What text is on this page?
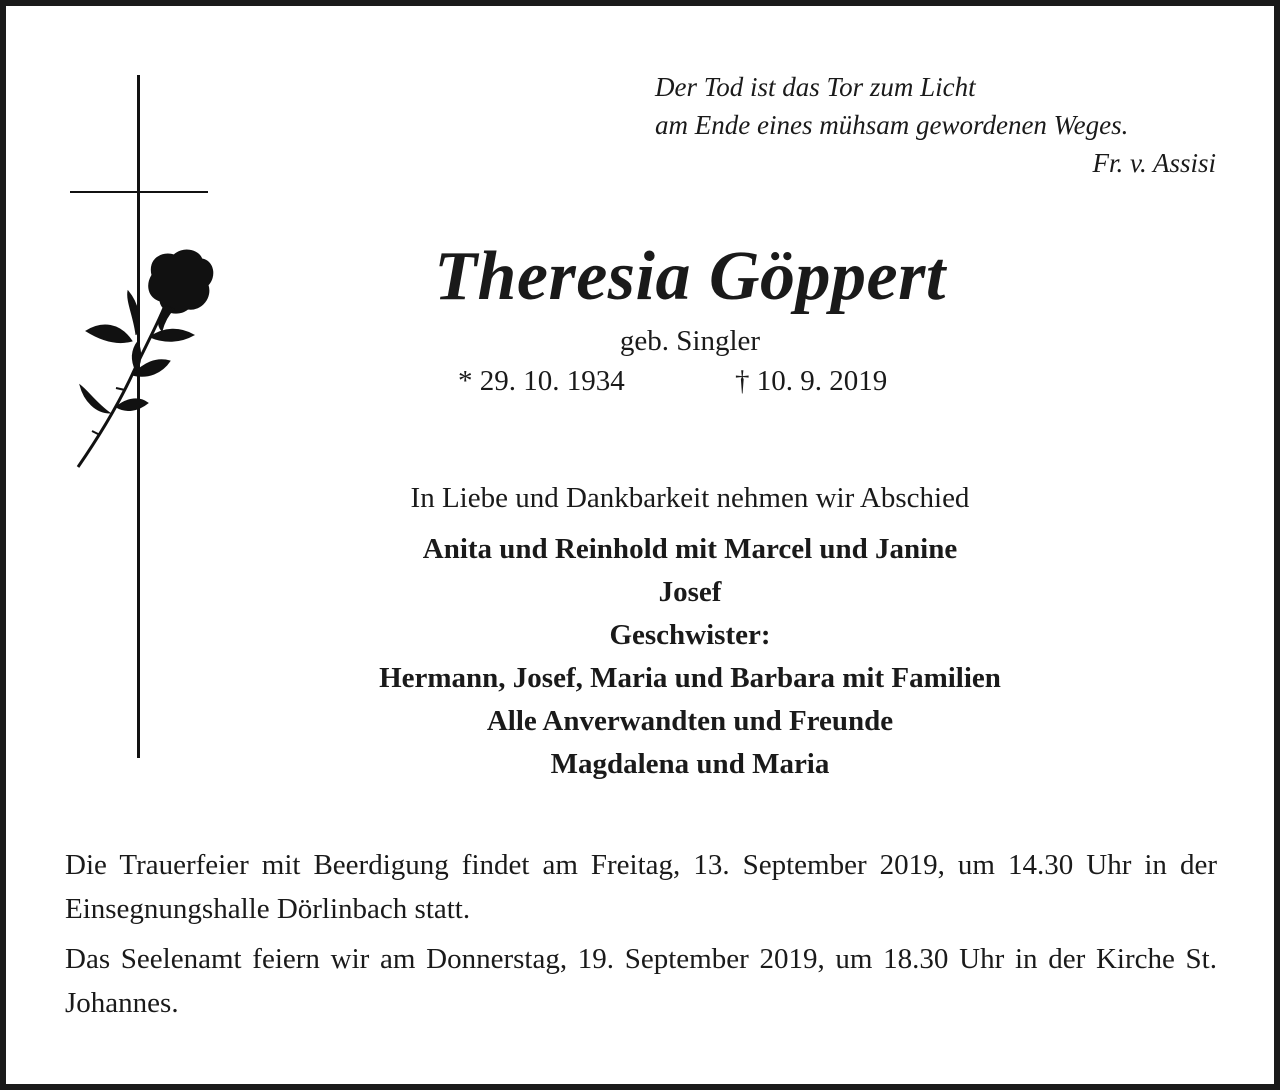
Der Tod ist das Tor zum Licht
am Ende eines mühsam gewordenen Weges.
Fr. v. Assisi
Theresia Göppert
geb. Singler
* 29. 10. 1934	† 10. 9. 2019
In Liebe und Dankbarkeit nehmen wir Abschied
Anita und Reinhold mit Marcel und Janine
Josef
Geschwister:
Hermann, Josef, Maria und Barbara mit Familien
Alle Anverwandten und Freunde
Magdalena und Maria
Die Trauerfeier mit Beerdigung findet am Freitag, 13. September 2019, um 14.30 Uhr in der Einsegnungshalle Dörlinbach statt.
Das Seelenamt feiern wir am Donnerstag, 19. September 2019, um 18.30 Uhr in der Kirche St. Johannes.
